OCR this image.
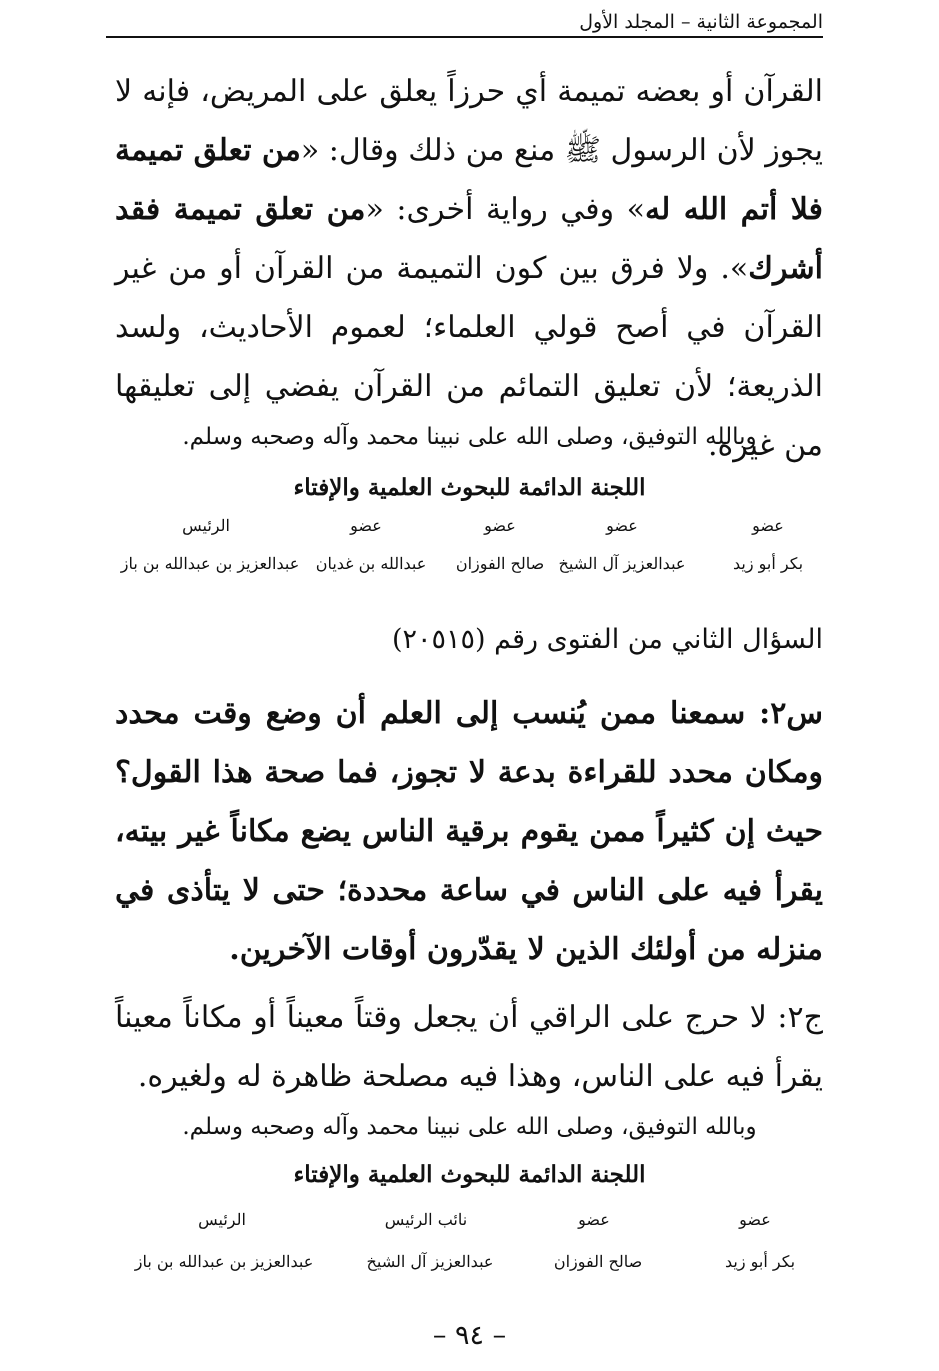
المجموعة الثانية – المجلد الأول
القرآن أو بعضه تميمة أي حرزاً يعلق على المريض، فإنه لا يجوز لأن الرسول ﷺ منع من ذلك وقال: «من تعلق تميمة فلا أتم الله له» وفي رواية أخرى: «من تعلق تميمة فقد أشرك». ولا فرق بين كون التميمة من القرآن أو من غير القرآن في أصح قولي العلماء؛ لعموم الأحاديث، ولسد الذريعة؛ لأن تعليق التمائم من القرآن يفضي إلى تعليقها من غيره.
وبالله التوفيق، وصلى الله على نبينا محمد وآله وصحبه وسلم.
اللجنة الدائمة للبحوث العلمية والإفتاء
عضو
عضو
عضو
عضو
الرئيس
بكر أبو زيد
عبدالعزيز آل الشيخ
صالح الفوزان
عبدالله بن غديان
عبدالعزيز بن عبدالله بن باز
السؤال الثاني من الفتوى رقم (٢٠٥١٥)
س٢: سمعنا ممن يُنسب إلى العلم أن وضع وقت محدد ومكان محدد للقراءة بدعة لا تجوز، فما صحة هذا القول؟ حيث إن كثيراً ممن يقوم برقية الناس يضع مكاناً غير بيته، يقرأ فيه على الناس في ساعة محددة؛ حتى لا يتأذى في منزله من أولئك الذين لا يقدّرون أوقات الآخرين.
ج٢: لا حرج على الراقي أن يجعل وقتاً معيناً أو مكاناً معيناً يقرأ فيه على الناس، وهذا فيه مصلحة ظاهرة له ولغيره.
وبالله التوفيق، وصلى الله على نبينا محمد وآله وصحبه وسلم.
اللجنة الدائمة للبحوث العلمية والإفتاء
عضو
عضو
نائب الرئيس
الرئيس
بكر أبو زيد
صالح الفوزان
عبدالعزيز آل الشيخ
عبدالعزيز بن عبدالله بن باز
– ٩٤ –
